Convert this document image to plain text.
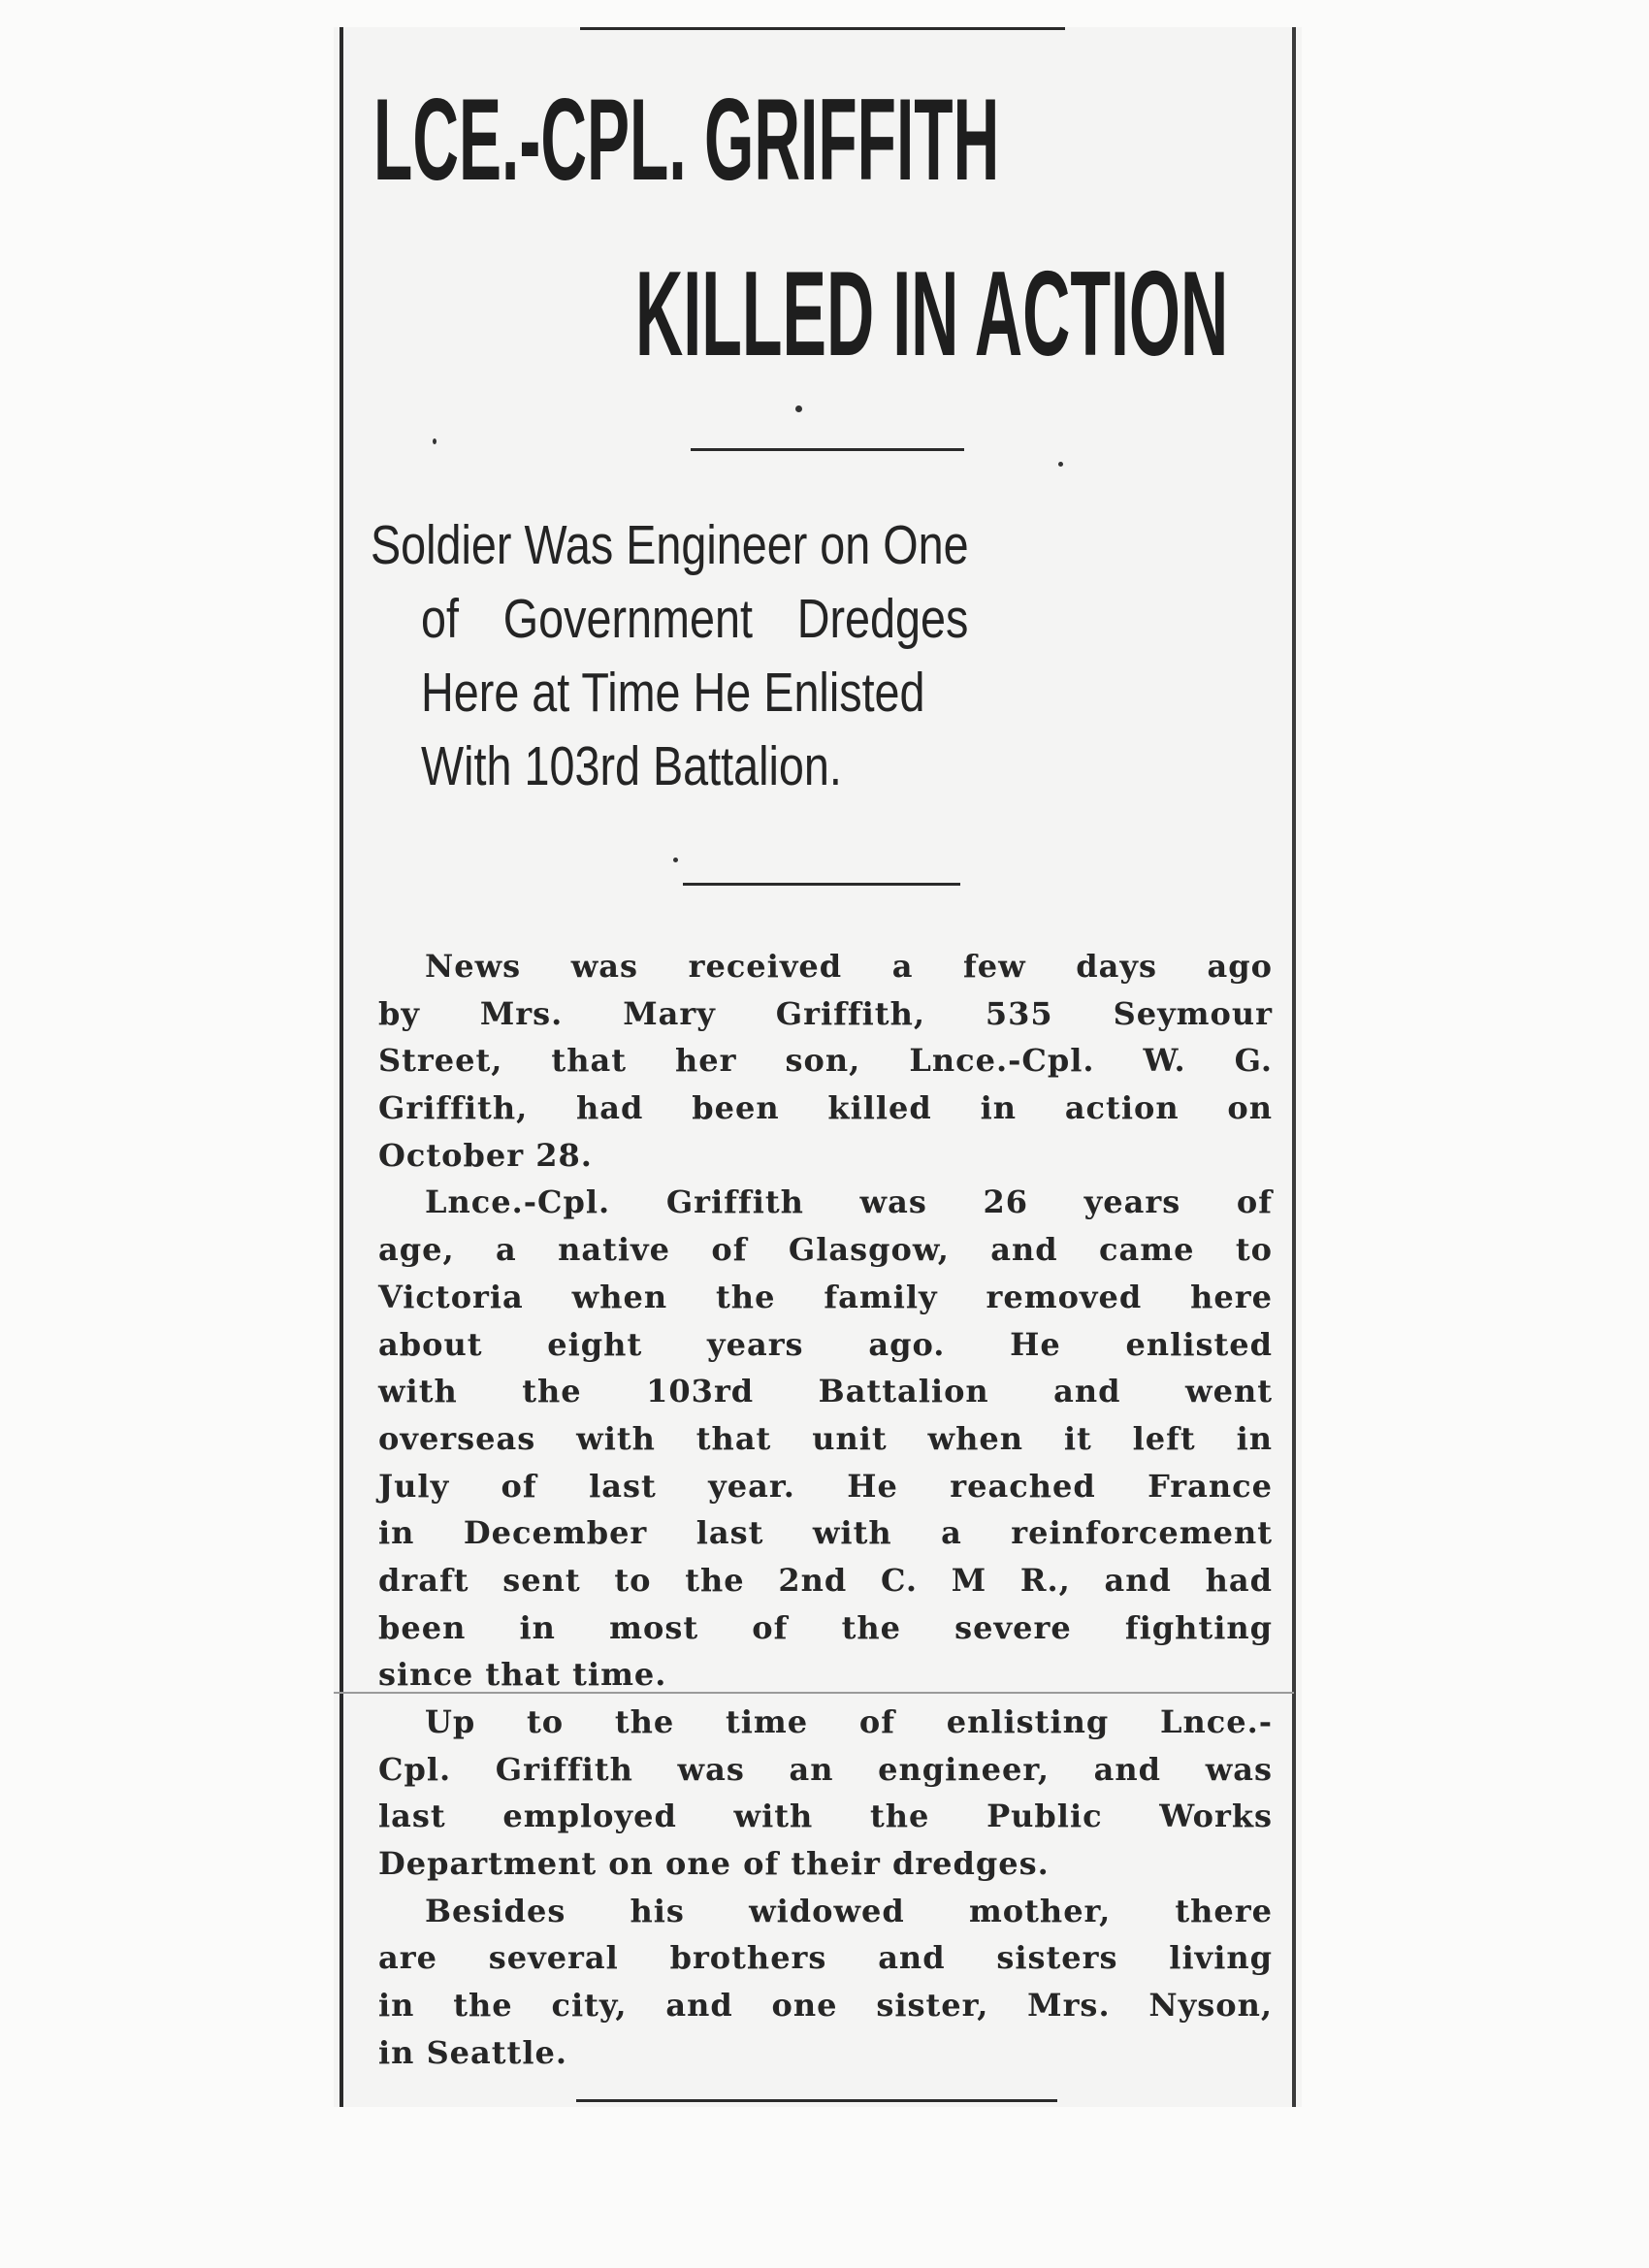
LCE.-CPL. GRIFFITH
KILLED IN ACTION
Soldier Was Engineer on One
of Government Dredges
Here at Time He Enlisted
With 103rd Battalion.

News was received a few days ago
by Mrs. Mary Griffith, 535 Seymour
Street, that her son, Lnce.-Cpl. W. G.
Griffith, had been killed in action on
October 28.

Lnce.-Cpl. Griffith was 26 years of
age, a native of Glasgow, and came to
Victoria when the family removed here
about eight years ago. He enlisted
with the 103rd Battalion and went
overseas with that unit when it left in
July of last year. He reached France
in December last with a reinforcement
draft sent to the 2nd C. M R., and had
been in most of the severe fighting
since that time.

Up to the time of enlisting Lnce.-
Cpl. Griffith was an engineer, and was
last employed with the Public Works
Department on one of their dredges.

Besides his widowed mother, there
are several brothers and sisters living
in the city, and one sister, Mrs. Nyson,
in Seattle.
